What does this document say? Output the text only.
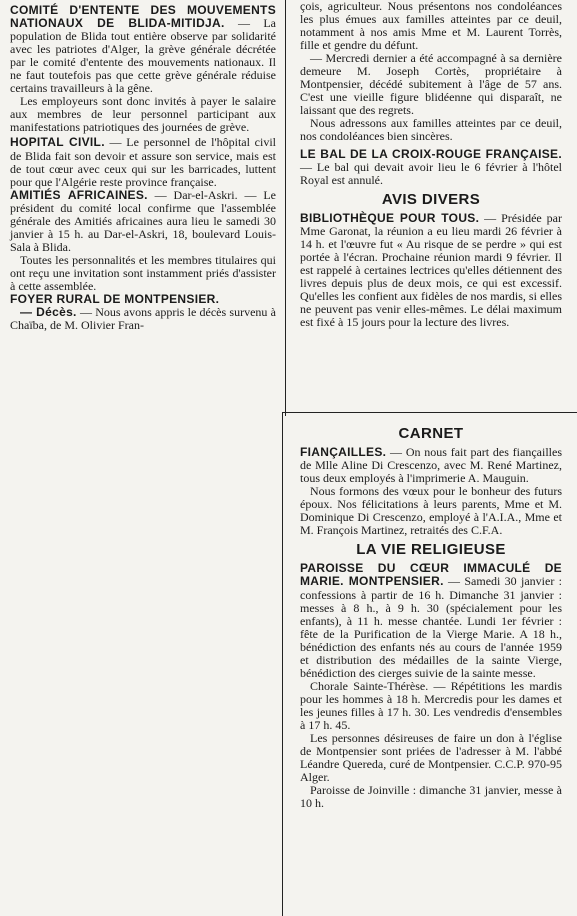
COMITÉ D'ENTENTE DES MOUVEMENTS NATIONAUX DE BLIDA-MITIDJA. — La population de Blida tout entière observe par solidarité avec les patriotes d'Alger, la grève générale décrétée par le comité d'entente des mouvements nationaux. Il ne faut toutefois pas que cette grève générale réduise certains travailleurs à la gêne.

Les employeurs sont donc invités à payer le salaire aux membres de leur personnel participant aux manifestations patriotiques des journées de grève.

HOPITAL CIVIL. — Le personnel de l'hôpital civil de Blida fait son devoir et assure son service, mais est de tout cœur avec ceux qui sur les barricades, luttent pour que l'Algérie reste province française.

AMITIÉS AFRICAINES. — Dar-el-Askri. — Le président du comité local confirme que l'assemblée générale des Amitiés africaines aura lieu le samedi 30 janvier à 15 h. au Dar-el-Askri, 18, boulevard Louis-Sala à Blida.

Toutes les personnalités et les membres titulaires qui ont reçu une invitation sont instamment priés d'assister à cette assemblée.

FOYER RURAL DE MONTPENSIER.

— Décès. — Nous avons appris le décès survenu à Chaïba, de M. Olivier Fran-

çois, agriculteur. Nous présentons nos condoléances les plus émues aux familles atteintes par ce deuil, notamment à nos amis Mme et M. Laurent Torrès, fille et gendre du défunt.

— Mercredi dernier a été accompagné à sa dernière demeure M. Joseph Cortès, propriétaire à Montpensier, décédé subitement à l'âge de 57 ans. C'est une vieille figure blidéenne qui disparaît, ne laissant que des regrets.

Nous adressons aux familles atteintes par ce deuil, nos condoléances bien sincères.

LE BAL DE LA CROIX-ROUGE FRANÇAISE. — Le bal qui devait avoir lieu le 6 février à l'hôtel Royal est annulé.

AVIS DIVERS

BIBLIOTHÈQUE POUR TOUS. — Présidée par Mme Garonat, la réunion a eu lieu mardi 26 février à 14 h. et l'œuvre fut « Au risque de se perdre » qui est portée à l'écran. Prochaine réunion mardi 9 février. Il est rappelé à certaines lectrices qu'elles détiennent des livres depuis plus de deux mois, ce qui est excessif. Qu'elles les confient aux fidèles de nos mardis, si elles ne peuvent pas venir elles-mêmes. Le délai maximum est fixé à 15 jours pour la lecture des livres.

CARNET

FIANÇAILLES. — On nous fait part des fiançailles de Mlle Aline Di Crescenzo, avec M. René Martinez, tous deux employés à l'imprimerie A. Mauguin.

Nous formons des vœux pour le bonheur des futurs époux. Nos félicitations à leurs parents, Mme et M. Dominique Di Crescenzo, employé à l'A.I.A., Mme et M. François Martinez, retraités des C.F.A.

LA VIE RELIGIEUSE

PAROISSE DU CŒUR IMMACULÉ DE MARIE. MONTPENSIER. — Samedi 30 janvier : confessions à partir de 16 h. Dimanche 31 janvier : messes à 8 h., à 9 h. 30 (spécialement pour les enfants), à 11 h. messe chantée. Lundi 1er février : fête de la Purification de la Vierge Marie. A 18 h., bénédiction des enfants nés au cours de l'année 1959 et distribution des médailles de la sainte Vierge, bénédiction des cierges suivie de la sainte messe.

Chorale Sainte-Thérèse. — Répétitions les mardis pour les hommes à 18 h. Mercredis pour les dames et les jeunes filles à 17 h. 30. Les vendredis d'ensembles à 17 h. 45.

Les personnes désireuses de faire un don à l'église de Montpensier sont priées de l'adresser à M. l'abbé Léandre Quereda, curé de Montpensier. C.C.P. 970-95 Alger.

Paroisse de Joinville : dimanche 31 janvier, messe à 10 h.
